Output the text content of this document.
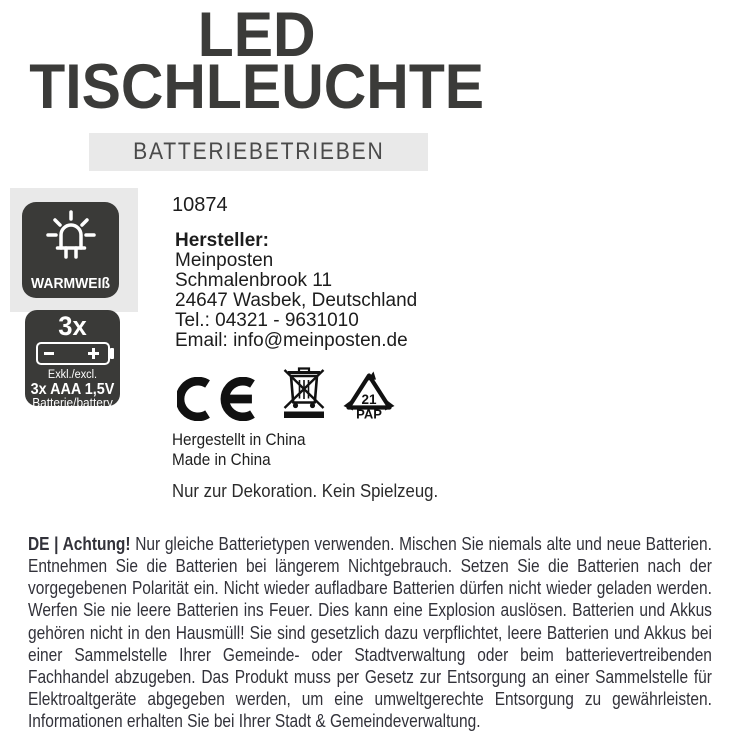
LED
TISCHLEUCHTE
BATTERIEBETRIEBEN
WARMWEIß
3x
Exkl./excl.
3x AAA 1,5V
Batterie/battery
10874
Hersteller:
Meinposten
Schmalenbrook 11
24647 Wasbek, Deutschland
Tel.: 04321 - 9631010
Email: info@meinposten.de
21
PAP
Hergestellt in China
Made in China
Nur zur Dekoration. Kein Spielzeug.

DE | Achtung! Nur gleiche Batterietypen verwenden. Mischen Sie niemals alte und neue Batterien. Entnehmen Sie die Batterien bei längerem Nichtgebrauch. Setzen Sie die Batterien nach der vorgegebenen Polarität ein. Nicht wieder aufladbare Batterien dürfen nicht wieder geladen werden. Werfen Sie nie leere Batterien ins Feuer. Dies kann eine Explosion auslösen. Batterien und Akkus gehören nicht in den Hausmüll! Sie sind gesetzlich dazu verpflichtet, leere Batterien und Akkus bei einer Sammelstelle Ihrer Gemeinde- oder Stadtverwaltung oder beim batterievertreibenden Fachhandel abzugeben. Das Produkt muss per Gesetz zur Entsorgung an einer Sammelstelle für Elektroaltgeräte abgegeben werden, um eine umweltgerechte Entsorgung zu gewährleisten. Informationen erhalten Sie bei Ihrer Stadt & Gemeindeverwaltung.
